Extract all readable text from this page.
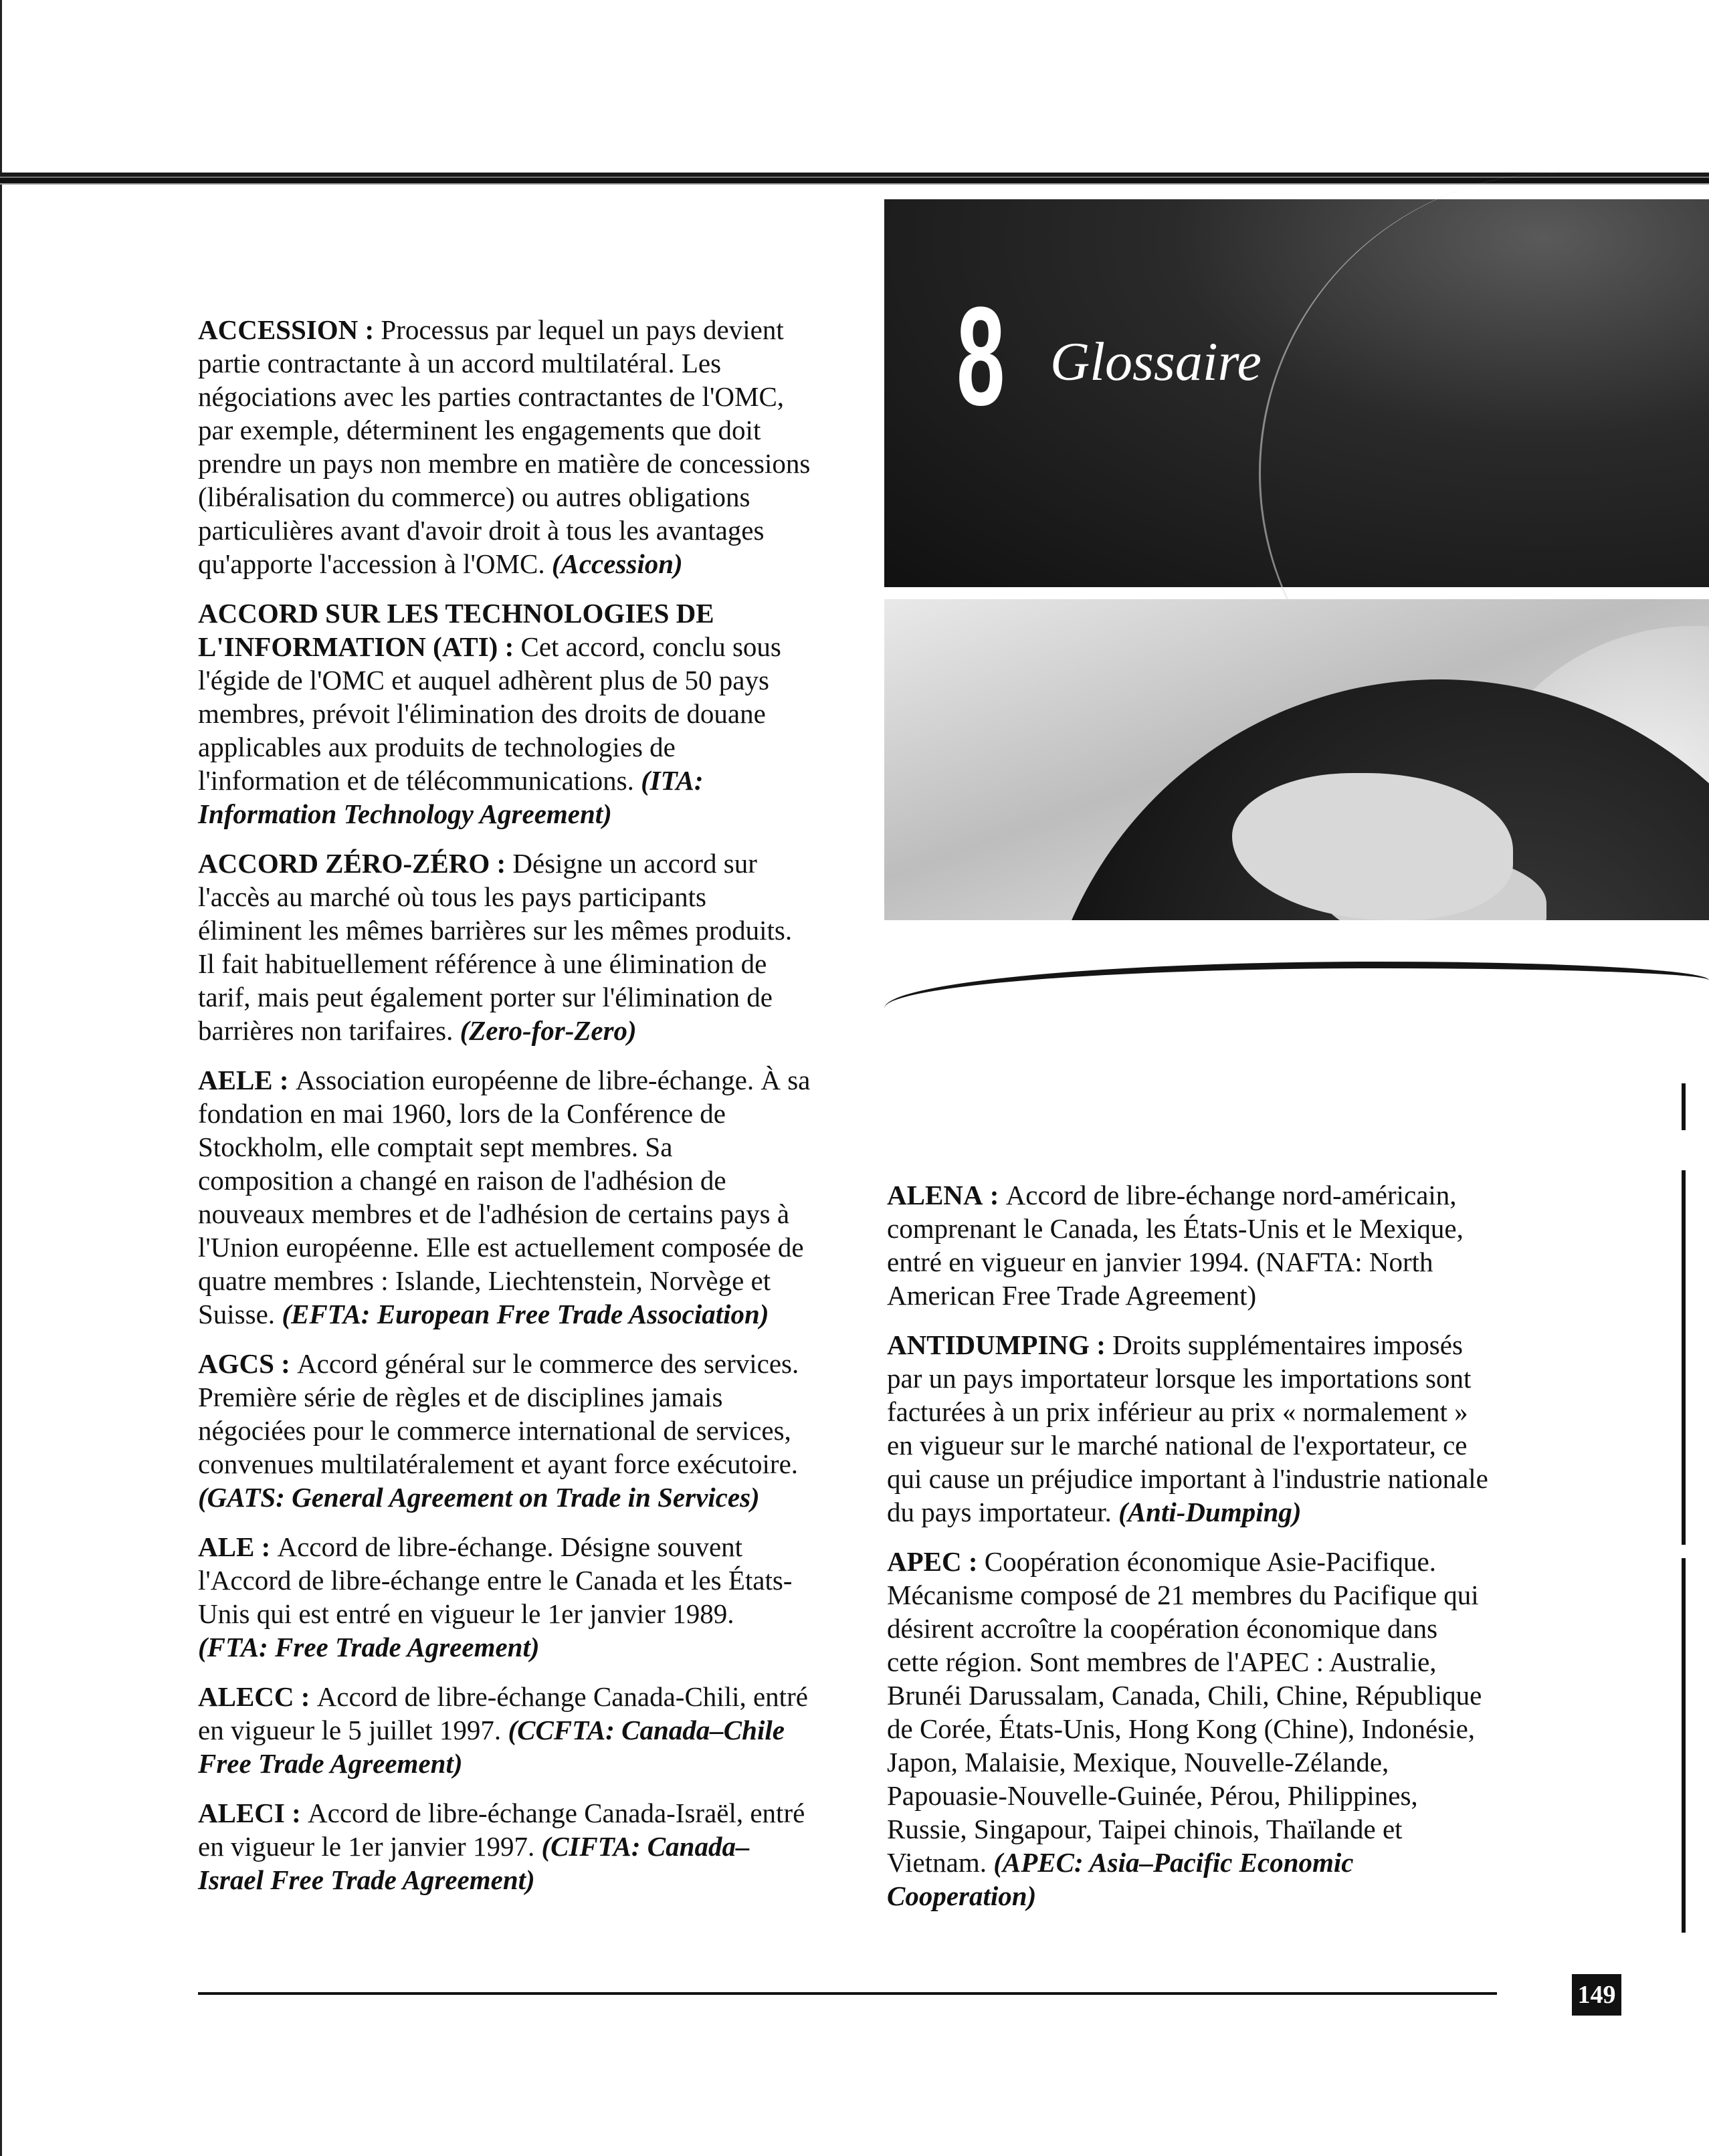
8 Glossaire

ACCESSION : Processus par lequel un pays devient partie contractante à un accord multilatéral. Les négociations avec les parties contractantes de l'OMC, par exemple, déterminent les engagements que doit prendre un pays non membre en matière de concessions (libéralisation du commerce) ou autres obligations particulières avant d'avoir droit à tous les avantages qu'apporte l'accession à l'OMC. (Accession)

ACCORD SUR LES TECHNOLOGIES DE L'INFORMATION (ATI) : Cet accord, conclu sous l'égide de l'OMC et auquel adhèrent plus de 50 pays membres, prévoit l'élimination des droits de douane applicables aux produits de technologies de l'information et de télécommunications. (ITA: Information Technology Agreement)

ACCORD ZÉRO-ZÉRO : Désigne un accord sur l'accès au marché où tous les pays participants éliminent les mêmes barrières sur les mêmes produits. Il fait habituellement référence à une élimination de tarif, mais peut également porter sur l'élimination de barrières non tarifaires. (Zero-for-Zero)

AELE : Association européenne de libre-échange. À sa fondation en mai 1960, lors de la Conférence de Stockholm, elle comptait sept membres. Sa composition a changé en raison de l'adhésion de nouveaux membres et de l'adhésion de certains pays à l'Union européenne. Elle est actuellement composée de quatre membres : Islande, Liechtenstein, Norvège et Suisse. (EFTA: European Free Trade Association)

AGCS : Accord général sur le commerce des services. Première série de règles et de disciplines jamais négociées pour le commerce international de services, convenues multilatéralement et ayant force exécutoire. (GATS: General Agreement on Trade in Services)

ALE : Accord de libre-échange. Désigne souvent l'Accord de libre-échange entre le Canada et les États-Unis qui est entré en vigueur le 1er janvier 1989. (FTA: Free Trade Agreement)

ALECC : Accord de libre-échange Canada-Chili, entré en vigueur le 5 juillet 1997. (CCFTA: Canada–Chile Free Trade Agreement)

ALECI : Accord de libre-échange Canada-Israël, entré en vigueur le 1er janvier 1997. (CIFTA: Canada–Israel Free Trade Agreement)

ALENA : Accord de libre-échange nord-américain, comprenant le Canada, les États-Unis et le Mexique, entré en vigueur en janvier 1994. (NAFTA: North American Free Trade Agreement)

ANTIDUMPING : Droits supplémentaires imposés par un pays importateur lorsque les importations sont facturées à un prix inférieur au prix « normalement » en vigueur sur le marché national de l'exportateur, ce qui cause un préjudice important à l'industrie nationale du pays importateur. (Anti-Dumping)

APEC : Coopération économique Asie-Pacifique. Mécanisme composé de 21 membres du Pacifique qui désirent accroître la coopération économique dans cette région. Sont membres de l'APEC : Australie, Brunéi Darussalam, Canada, Chili, Chine, République de Corée, États-Unis, Hong Kong (Chine), Indonésie, Japon, Malaisie, Mexique, Nouvelle-Zélande, Papouasie-Nouvelle-Guinée, Pérou, Philippines, Russie, Singapour, Taipei chinois, Thaïlande et Vietnam. (APEC: Asia–Pacific Economic Cooperation)

149
